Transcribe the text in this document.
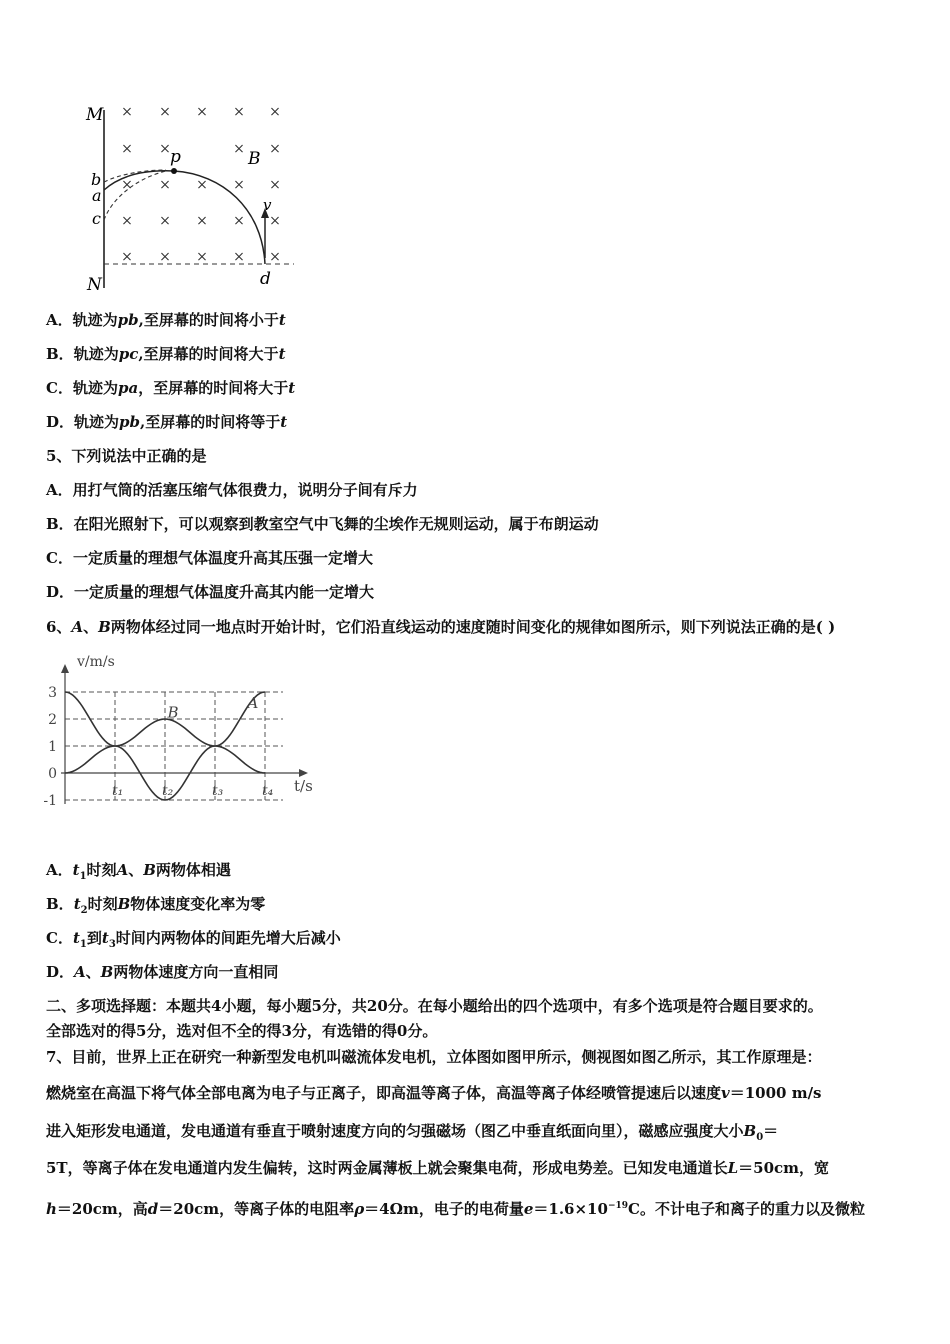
× × × × ×
× ×	× ×
× × × × ×
× × × × ×
× × × × ×
M
N
b
a
c
p	B
v
d
A．轨迹为pb,至屏幕的时间将小于t
B．轨迹为pc,至屏幕的时间将大于t
C．轨迹为pa，至屏幕的时间将大于t
D．轨迹为pb,至屏幕的时间将等于t
5、下列说法中正确的是
A．用打气筒的活塞压缩气体很费力，说明分子间有斥力
B．在阳光照射下，可以观察到教室空气中飞舞的尘埃作无规则运动，属于布朗运动
C．一定质量的理想气体温度升高其压强一定增大
D．一定质量的理想气体温度升高其内能一定增大
6、A、B两物体经过同一地点时开始计时，它们沿直线运动的速度随时间变化的规律如图所示，则下列说法正确的是( )
3
2
1
0
-1
t₁	t₂	t₃	t₄
A
B
v/m/s
t/s
A．$t_1$时刻A、B两物体相遇
B．$t_2$时刻B物体速度变化率为零
C．$t_1$到$t_3$时间内两物体的间距先增大后减小
D．A、B两物体速度方向一直相同
二、多项选择题：本题共4小题，每小题5分，共20分。在每小题给出的四个选项中，有多个选项是符合题目要求的。
全部选对的得5分，选对但不全的得3分，有选错的得0分。
7、目前，世界上正在研究一种新型发电机叫磁流体发电机，立体图如图甲所示，侧视图如图乙所示，其工作原理是：
燃烧室在高温下将气体全部电离为电子与正离子，即高温等离子体，高温等离子体经喷管提速后以速度v＝1000 m/s
进入矩形发电通道，发电通道有垂直于喷射速度方向的匀强磁场（图乙中垂直纸面向里），磁感应强度大小$B_0=$
5T，等离子体在发电通道内发生偏转，这时两金属薄板上就会聚集电荷，形成电势差。已知发电通道长L＝50cm，宽
h＝20cm，高d＝20cm，等离子体的电阻率ρ＝4Ωm，电子的电荷量$e=1.6\times 10^{-19}C$。不计电子和离子的重力以及微粒
